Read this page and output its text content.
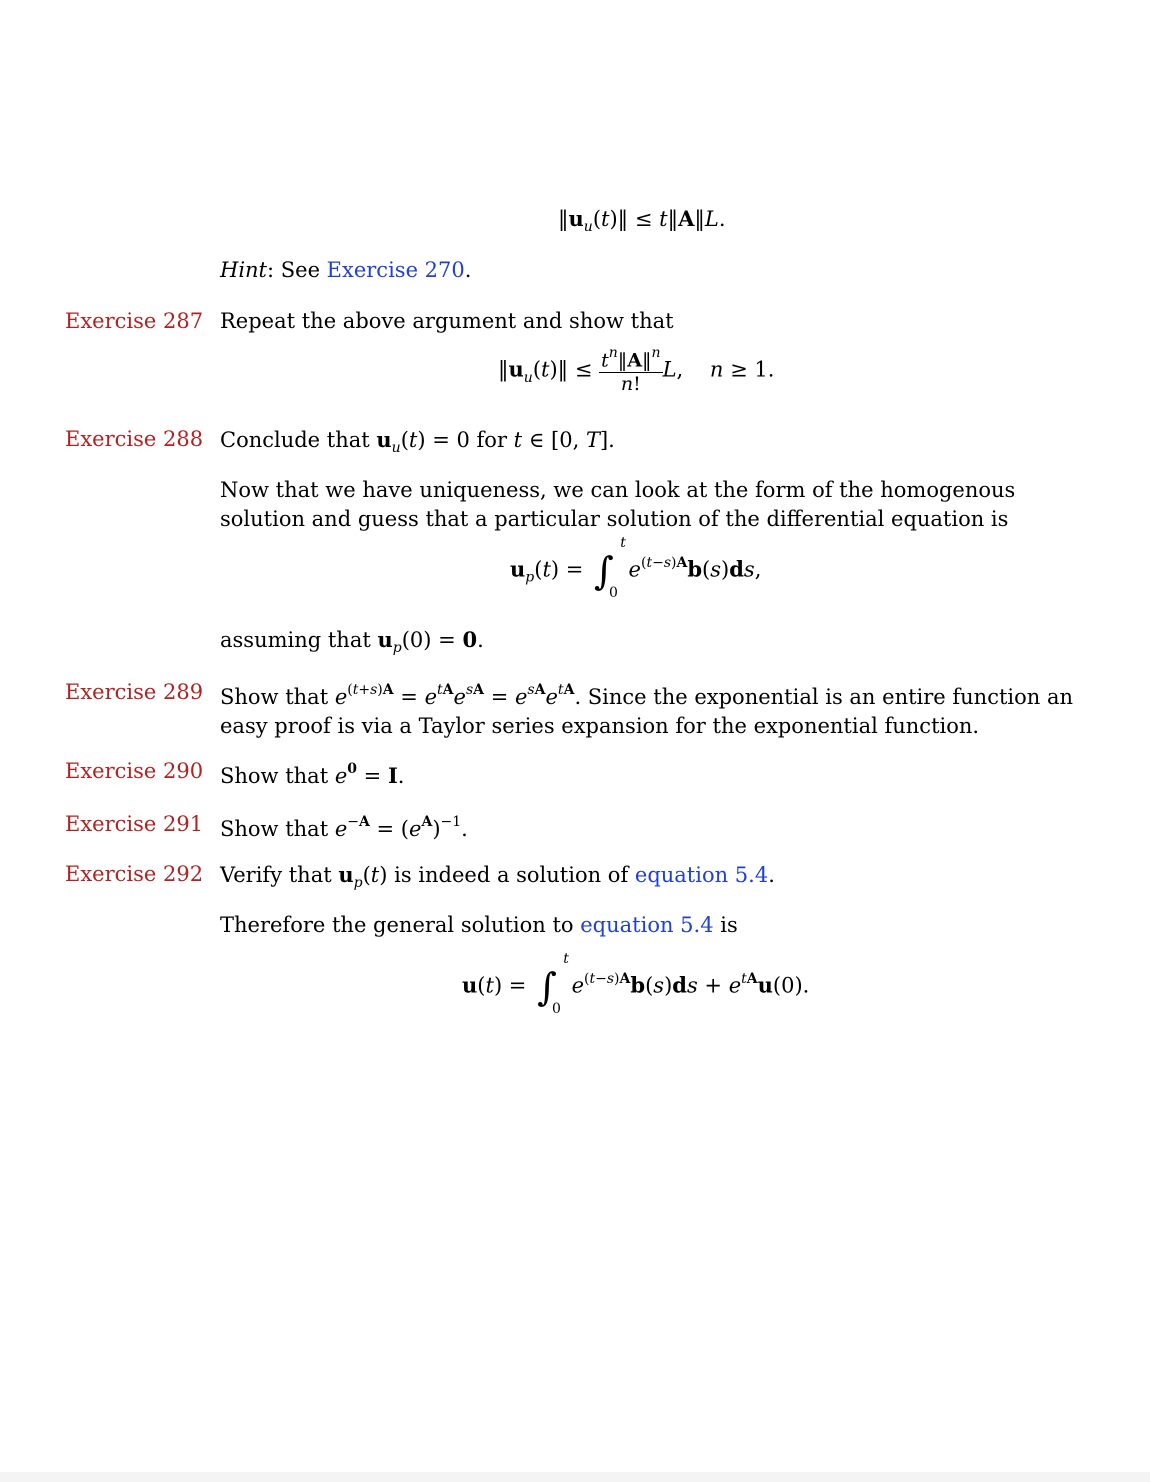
$‖u_u(t)‖$ ≤ t‖A‖L.
Hint: See Exercise 270.
Exercise 287 Repeat the above argument and show that
$‖u_u(t)‖ \le \frac{t^n‖A‖^n}{n!} L$,    n ≥ 1.
Exercise 288 Conclude that $u_u(t) = 0$ for t ∈ [0, T].
Now that we have uniqueness, we can look at the form of the homogenous solution and guess that a particular solution of the differential equation is
$u_p(t)$ = ∫
t
0
$e^{(t-s)A}b(s)ds$,
assuming that $u_p(0) = 0$.
Exercise 289 Show that $e^{(t+s)A} = e^{tA}e^{sA} = e^{sA}e^{tA}$. Since the exponential is an entire function an easy proof is via a Taylor series expansion for the exponential function.
Exercise 290 Show that $e^0 = I$.
Exercise 291 Show that $e^{-A} = (e^A)^{-1}$.
Exercise 292 Verify that $u_p(t)$ is indeed a solution of equation 5.4.
Therefore the general solution to equation 5.4 is
u(t) = ∫
t
0
$e^{(t-s)A}b(s)ds + e^{tA}u(0)$.
